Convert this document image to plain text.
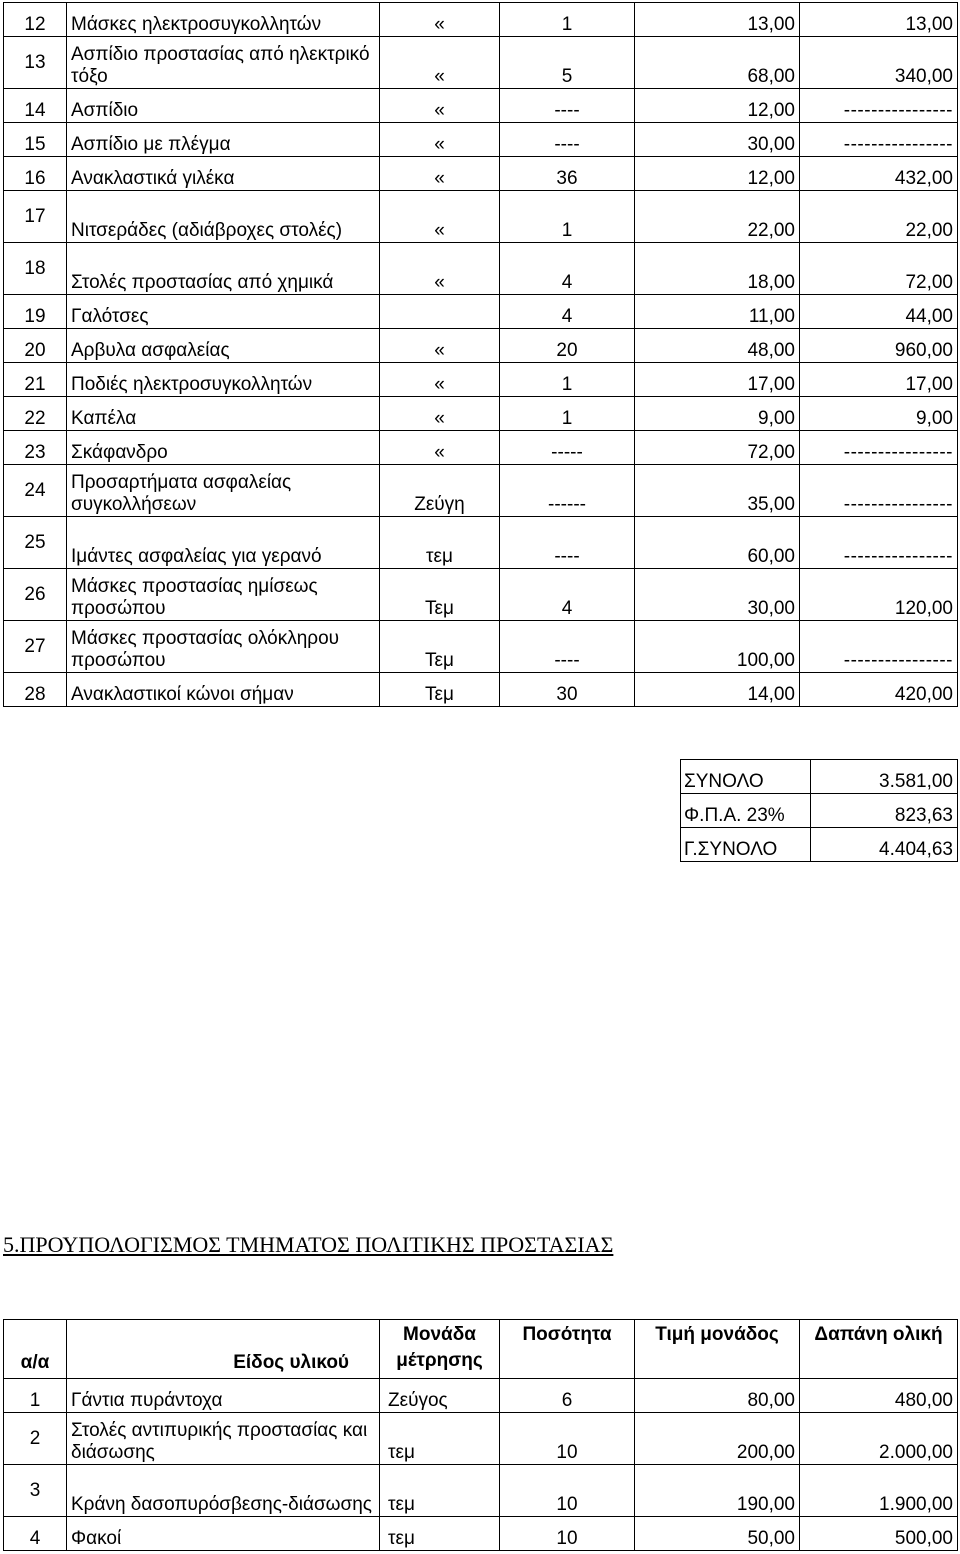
12	Μάσκες ηλεκτροσυγκολλητών	«	1	13,00	13,00
13	Ασπίδιο προστασίας από ηλεκτρικό τόξο	«	5	68,00	340,00
14	Ασπίδιο	«	----	12,00	----------------
15	Ασπίδιο με πλέγμα	«	----	30,00	----------------
16	Ανακλαστικά γιλέκα	«	36	12,00	432,00
17	Νιτσεράδες (αδιάβροχες στολές)	«	1	22,00	22,00
18	Στολές προστασίας από χημικά	«	4	18,00	72,00
19	Γαλότσες		4	11,00	44,00
20	Αρβυλα ασφαλείας	«	20	48,00	960,00
21	Ποδιές ηλεκτροσυγκολλητών	«	1	17,00	17,00
22	Καπέλα	«	1	9,00	9,00
23	Σκάφανδρο	«	-----	72,00	----------------
24	Προσαρτήματα ασφαλείας συγκολλήσεων	Ζεύγη	------	35,00	----------------
25	Ιμάντες ασφαλείας για γερανό	τεμ	----	60,00	----------------
26	Μάσκες προστασίας ημίσεως προσώπου	Τεμ	4	30,00	120,00
27	Μάσκες προστασίας ολόκληρου προσώπου	Τεμ	----	100,00	----------------
28	Ανακλαστικοί κώνοι σήμαν	Τεμ	30	14,00	420,00
ΣΥΝΟΛΟ	3.581,00
Φ.Π.Α. 23%	823,63
Γ.ΣΥΝΟΛΟ	4.404,63
5.ΠΡΟΥΠΟΛΟΓΙΣΜΟΣ ΤΜΗΜΑΤΟΣ ΠΟΛΙΤΙΚΗΣ ΠΡΟΣΤΑΣΙΑΣ
α/α	Είδος υλικού	Μονάδα μέτρησης	Ποσότητα	Τιμή μονάδος	Δαπάνη ολική
1	Γάντια πυράντοχα	Ζεύγος	6	80,00	480,00
2	Στολές αντιπυρικής προστασίας και διάσωσης	τεμ	10	200,00	2.000,00
3	Κράνη δασοπυρόσβεσης-διάσωσης	τεμ	10	190,00	1.900,00
4	Φακοί	τεμ	10	50,00	500,00
